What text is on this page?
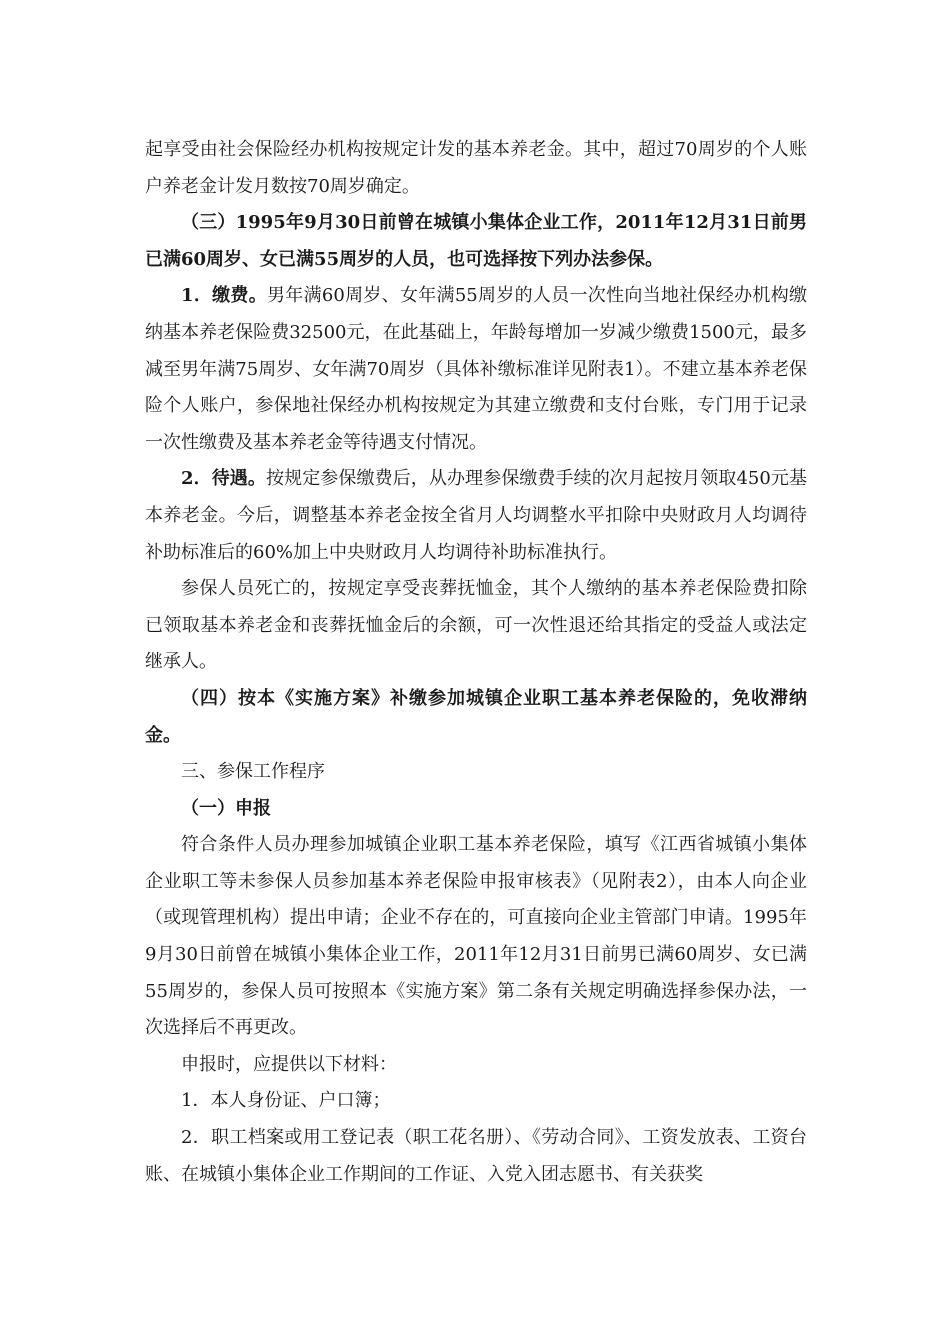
起享受由社会保险经办机构按规定计发的基本养老金。其中，超过70周岁的个人账户养老金计发月数按70周岁确定。

（三）1995年9月30日前曾在城镇小集体企业工作，2011年12月31日前男已满60周岁、女已满55周岁的人员，也可选择按下列办法参保。

1．缴费。男年满60周岁、女年满55周岁的人员一次性向当地社保经办机构缴纳基本养老保险费32500元，在此基础上，年龄每增加一岁减少缴费1500元，最多减至男年满75周岁、女年满70周岁（具体补缴标准详见附表1）。不建立基本养老保险个人账户，参保地社保经办机构按规定为其建立缴费和支付台账，专门用于记录一次性缴费及基本养老金等待遇支付情况。

2．待遇。按规定参保缴费后，从办理参保缴费手续的次月起按月领取450元基本养老金。今后，调整基本养老金按全省月人均调整水平扣除中央财政月人均调待补助标准后的60%加上中央财政月人均调待补助标准执行。

参保人员死亡的，按规定享受丧葬抚恤金，其个人缴纳的基本养老保险费扣除已领取基本养老金和丧葬抚恤金后的余额，可一次性退还给其指定的受益人或法定继承人。

（四）按本《实施方案》补缴参加城镇企业职工基本养老保险的，免收滞纳金。

三、参保工作程序

（一）申报

符合条件人员办理参加城镇企业职工基本养老保险，填写《江西省城镇小集体企业职工等未参保人员参加基本养老保险申报审核表》（见附表2），由本人向企业（或现管理机构）提出申请；企业不存在的，可直接向企业主管部门申请。1995年9月30日前曾在城镇小集体企业工作，2011年12月31日前男已满60周岁、女已满55周岁的，参保人员可按照本《实施方案》第二条有关规定明确选择参保办法，一次选择后不再更改。

申报时，应提供以下材料：

1．本人身份证、户口簿；

2．职工档案或用工登记表（职工花名册）、《劳动合同》、工资发放表、工资台账、在城镇小集体企业工作期间的工作证、入党入团志愿书、有关获奖
